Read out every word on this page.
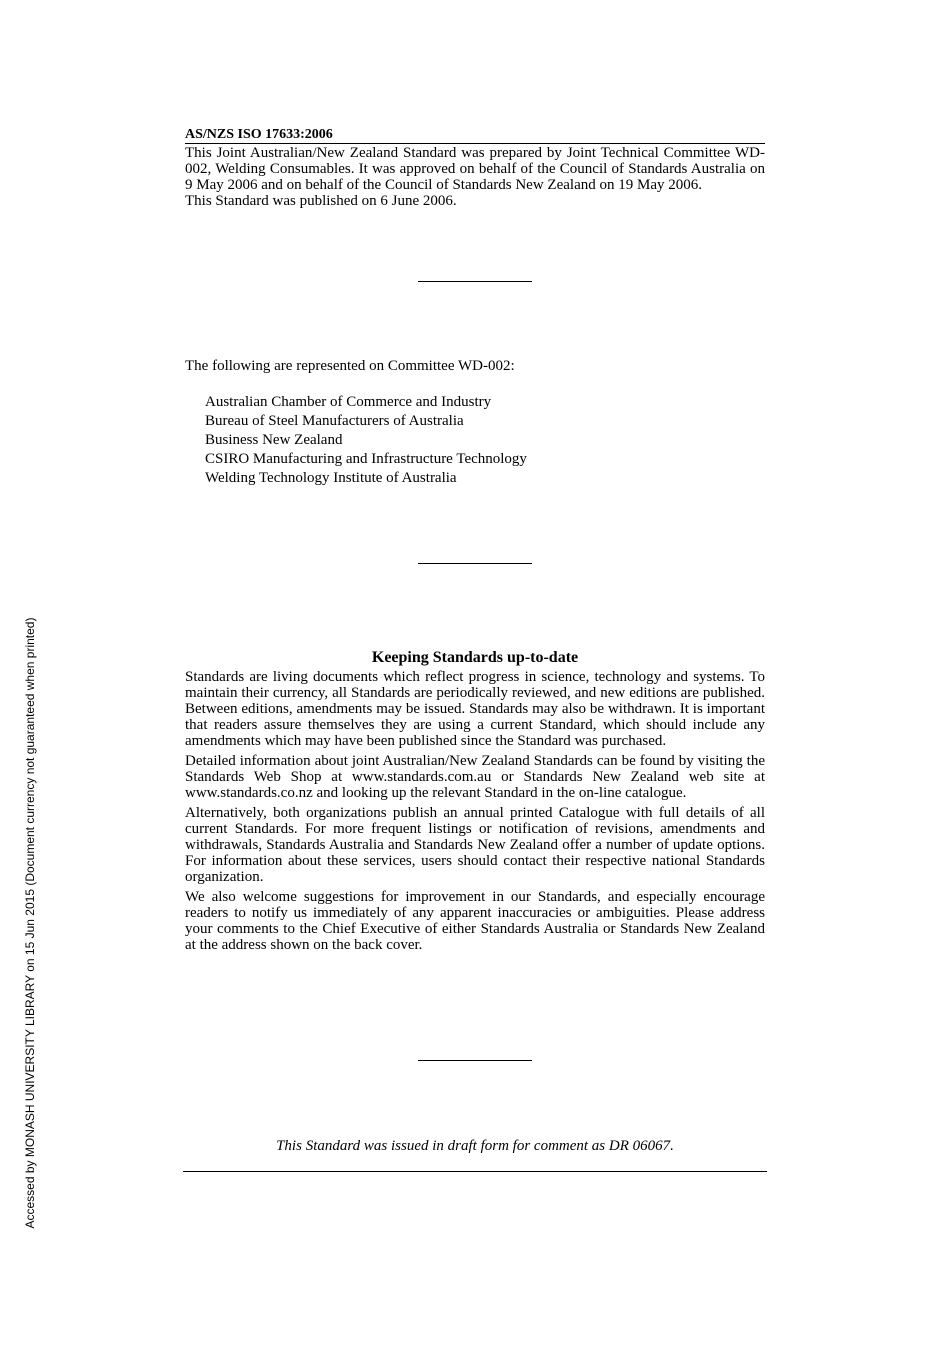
AS/NZS ISO 17633:2006

This Joint Australian/New Zealand Standard was prepared by Joint Technical Committee WD-002, Welding Consumables. It was approved on behalf of the Council of Standards Australia on 9 May 2006 and on behalf of the Council of Standards New Zealand on 19 May 2006.

This Standard was published on 6 June 2006.

The following are represented on Committee WD-002:

Australian Chamber of Commerce and Industry
Bureau of Steel Manufacturers of Australia
Business New Zealand
CSIRO Manufacturing and Infrastructure Technology
Welding Technology Institute of Australia
Keeping Standards up-to-date

Standards are living documents which reflect progress in science, technology and systems. To maintain their currency, all Standards are periodically reviewed, and new editions are published. Between editions, amendments may be issued. Standards may also be withdrawn. It is important that readers assure themselves they are using a current Standard, which should include any amendments which may have been published since the Standard was purchased.

Detailed information about joint Australian/New Zealand Standards can be found by visiting the Standards Web Shop at www.standards.com.au or Standards New Zealand web site at www.standards.co.nz and looking up the relevant Standard in the on-line catalogue.

Alternatively, both organizations publish an annual printed Catalogue with full details of all current Standards. For more frequent listings or notification of revisions, amendments and withdrawals, Standards Australia and Standards New Zealand offer a number of update options. For information about these services, users should contact their respective national Standards organization.

We also welcome suggestions for improvement in our Standards, and especially encourage readers to notify us immediately of any apparent inaccuracies or ambiguities. Please address your comments to the Chief Executive of either Standards Australia or Standards New Zealand at the address shown on the back cover.

This Standard was issued in draft form for comment as DR 06067.

Accessed by MONASH UNIVERSITY LIBRARY on 15 Jun 2015 (Document currency not guaranteed when printed)
